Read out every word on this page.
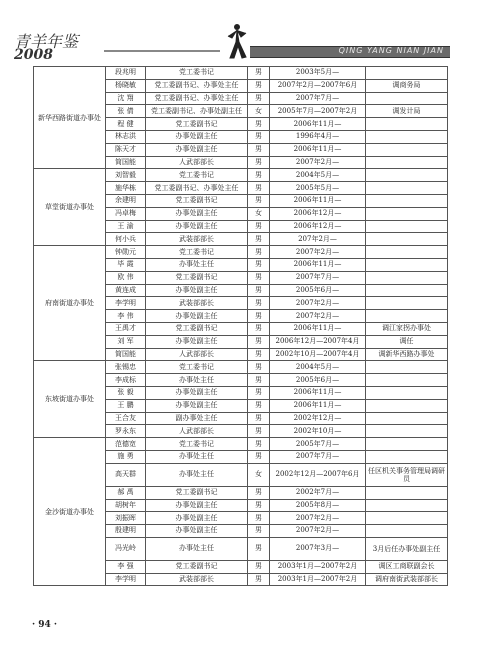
青羊年鉴
2008	QING YANG NIAN JIAN
新华西路街道办事处	段兆明	党工委书记	男	2003年5月—	
	杨晓敏	党工委副书记、办事处主任	男	2007年2月—2007年6月	调商务局
	沈 翔	党工委副书记、办事处主任	男	2007年7月—	
	张 倩	党工委副书记、办事处副主任	女	2005年7月—2007年2月	调发计局
	程 健	党工委副书记	男	2006年11月—	
	林志洪	办事处副主任	男	1996年4月—	
	陈天才	办事处副主任	男	2006年11月—	
	简国能	人武部部长	男	2007年2月—	
草堂街道办事处	刘智毅	党工委书记	男	2004年5月—	
	施华栋	党工委副书记、办事处主任	男	2005年5月—	
	余建明	党工委副书记	男	2006年11月—	
	冯卓梅	办事处副主任	女	2006年12月—	
	王 渝	办事处副主任	男	2006年12月—	
	何小兵	武装部部长	男	207年2月—	
府南街道办事处	钟勋元	党工委书记	男	2007年2月—	
	毕 霞	办事处主任	男	2006年11月—	
	欧 伟	党工委副书记	男	2007年7月—	
	黄连成	办事处副主任	男	2005年6月—	
	李学明	武装部部长	男	2007年2月—	
	李 伟	办事处副主任	男	2007年2月—	
	王禹才	党工委副书记	男	2006年11月—	调江家拐办事处
	刘 军	办事处副主任	男	2006年12月—2007年4月	调任
	简国能	人武部部长	男	2002年10月—2007年4月	调新华西路办事处
东坡街道办事处	张锡忠	党工委书记	男	2004年5月—	
	李成标	办事处主任	男	2005年6月—	
	张 毅	办事处副主任	男	2006年11月—	
	王 鹏	办事处副主任	男	2006年11月—	
	王合友	副办事处主任	男	2002年12月—	
	罗永东	人武部部长	男	2002年10月—	
金沙街道办事处	范德宽	党工委书记	男	2005年7月—	
	施 勇	办事处主任	男	2007年7月—	
	高天群	办事处主任	女	2002年12月—2007年6月	任区机关事务管理局调研员
	郝 禹	党工委副书记	男	2002年7月—	
	胡树年	办事处副主任	男	2005年8月—	
	刘振晖	办事处副主任	男	2007年2月—	
	殷建明	办事处副主任	男	2007年2月—	
	冯光岭	办事处主任	男	2007年3月—	3月后任办事处副主任
	李 强	党工委副书记	男	2003年1月—2007年2月	调区工商联副会长
	李学明	武装部部长	男	2003年1月—2007年2月	调府南街武装部部长
· 94 ·
